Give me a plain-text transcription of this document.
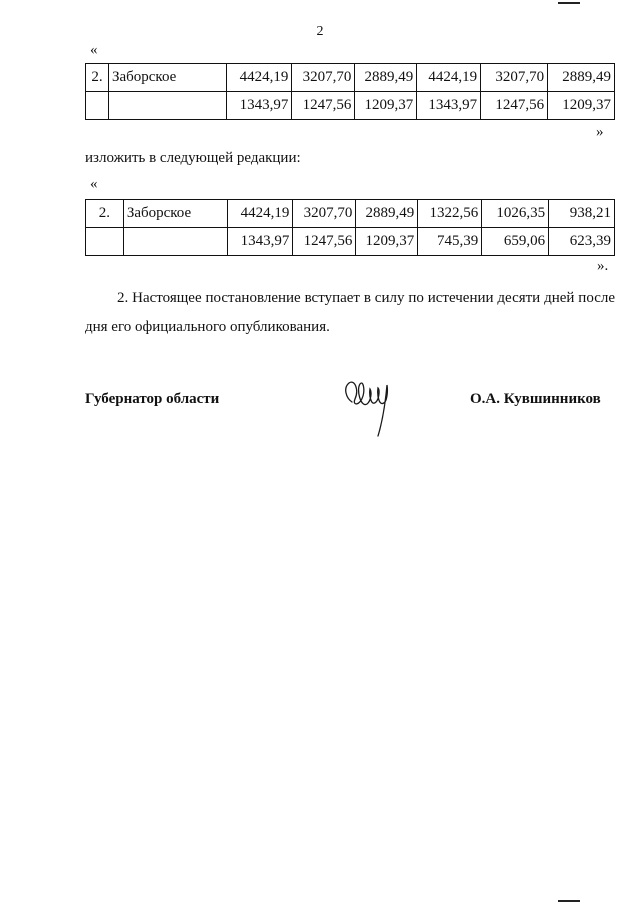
2
«
2.	Заборское	4424,19	3207,70	2889,49	4424,19	3207,70	2889,49
		1343,97	1247,56	1209,37	1343,97	1247,56	1209,37
»
изложить в следующей редакции:
«
2.	Заборское	4424,19	3207,70	2889,49	1322,56	1026,35	938,21
		1343,97	1247,56	1209,37	745,39	659,06	623,39
».
2. Настоящее постановление вступает в силу по истечении десяти дней после дня его официального опубликования.
Губернатор области	О.А. Кувшинников
